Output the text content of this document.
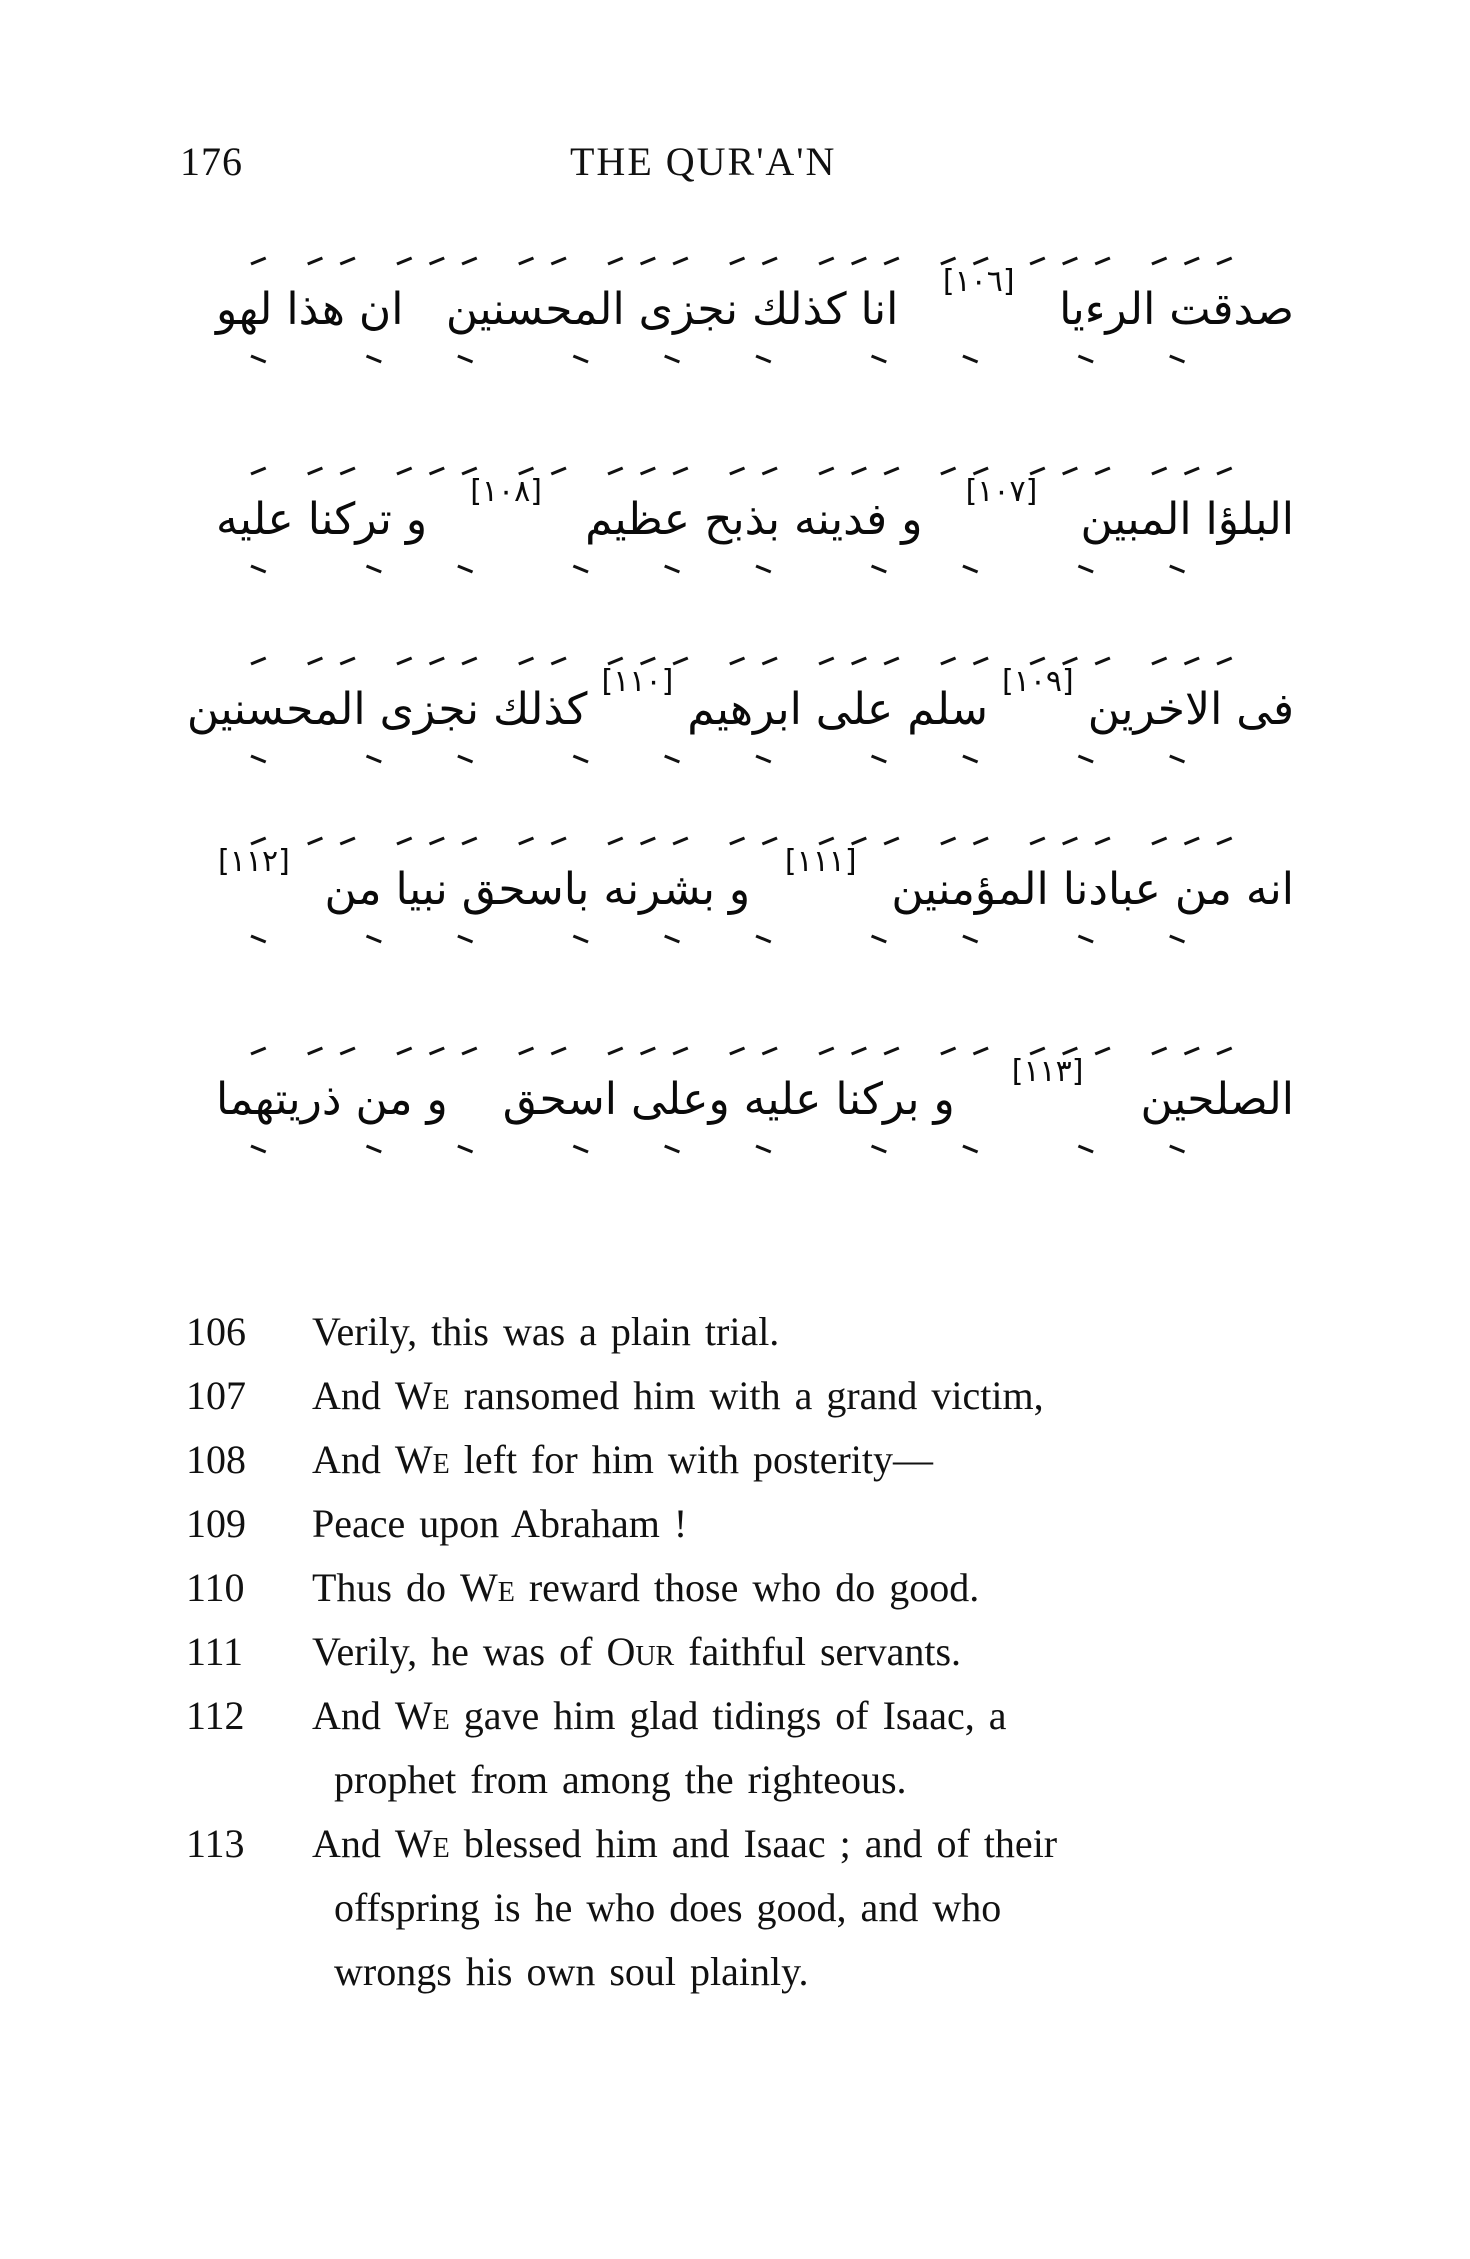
176	THE QUR'A'N
صدقت الرءيا
[١٠٦]
انا كذلك نجزى المحسنين
ان هذا لهو
البلؤا المبين
[١٠٧]
و فدينه بذبح عظيم
[١٠٨]
و تركنا عليه
فى الاخرين
[١٠٩]
سلم على ابرهيم
[١١٠]
كذلك نجزى المحسنين
انه من عبادنا المؤمنين
[١١١]
و بشرنه باسحق نبيا من
[١١٢]
الصلحين
[١١٣]
و بركنا عليه وعلى اسحق
و من ذريتهما
106	Verily, this was a plain trial.
107	And We ransomed him with a grand victim,
108	And We left for him with posterity—
109	Peace upon Abraham !
110	Thus do We reward those who do good.
111	Verily, he was of Our faithful servants.
112	And We gave him glad tidings of Isaac, a
prophet from among the righteous.
113	And We blessed him and Isaac ; and of their
offspring is he who does good, and who
wrongs his own soul plainly.
